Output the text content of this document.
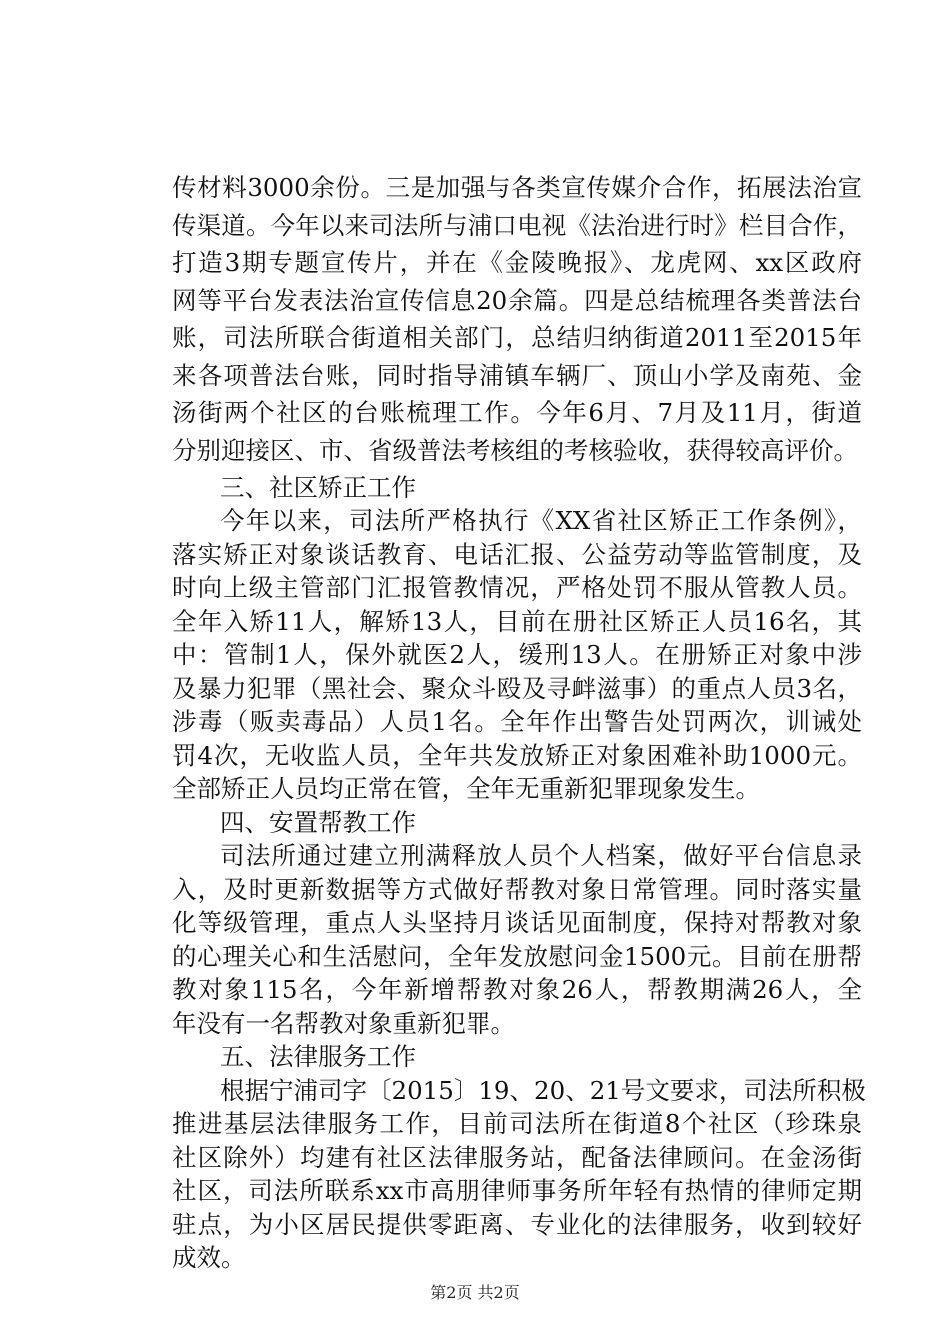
传材料3000余份。三是加强与各类宣传媒介合作，拓展法治宣
传渠道。今年以来司法所与浦口电视《法治进行时》栏目合作，
打造3期专题宣传片，并在《金陵晚报》、龙虎网、xx区政府
网等平台发表法治宣传信息20余篇。四是总结梳理各类普法台
账，司法所联合街道相关部门，总结归纳街道2011至2015年
来各项普法台账，同时指导浦镇车辆厂、顶山小学及南苑、金
汤街两个社区的台账梳理工作。今年6月、7月及11月，街道
分别迎接区、市、省级普法考核组的考核验收，获得较高评价。
三、社区矫正工作
今年以来，司法所严格执行《XX省社区矫正工作条例》，
落实矫正对象谈话教育、电话汇报、公益劳动等监管制度，及
时向上级主管部门汇报管教情况，严格处罚不服从管教人员。
全年入矫11人，解矫13人，目前在册社区矫正人员16名，其
中：管制1人，保外就医2人，缓刑13人。在册矫正对象中涉
及暴力犯罪（黑社会、聚众斗殴及寻衅滋事）的重点人员3名，
涉毒（贩卖毒品）人员1名。全年作出警告处罚两次，训诫处
罚4次，无收监人员，全年共发放矫正对象困难补助1000元。
全部矫正人员均正常在管，全年无重新犯罪现象发生。
四、安置帮教工作
司法所通过建立刑满释放人员个人档案，做好平台信息录
入，及时更新数据等方式做好帮教对象日常管理。同时落实量
化等级管理，重点人头坚持月谈话见面制度，保持对帮教对象
的心理关心和生活慰问，全年发放慰问金1500元。目前在册帮
教对象115名，今年新增帮教对象26人，帮教期满26人，全
年没有一名帮教对象重新犯罪。
五、法律服务工作
根据宁浦司字〔2015〕19、20、21号文要求，司法所积极
推进基层法律服务工作，目前司法所在街道8个社区（珍珠泉
社区除外）均建有社区法律服务站，配备法律顾问。在金汤街
社区，司法所联系xx市高朋律师事务所年轻有热情的律师定期
驻点，为小区居民提供零距离、专业化的法律服务，收到较好
成效。
第2页 共2页
